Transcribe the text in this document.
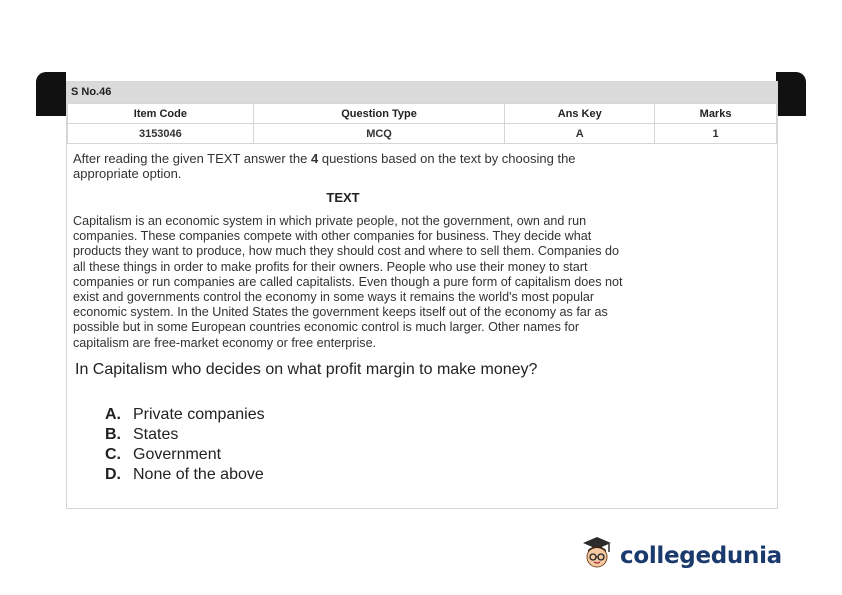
S No.46
Item Code	Question Type	Ans Key	Marks
3153046	MCQ	A	1
After reading the given TEXT answer the 4 questions based on the text by choosing the appropriate option.
TEXT
Capitalism is an economic system in which private people, not the government, own and run companies. These companies compete with other companies for business. They decide what products they want to produce, how much they should cost and where to sell them. Companies do all these things in order to make profits for their owners. People who use their money to start companies or run companies are called capitalists. Even though a pure form of capitalism does not exist and governments control the economy in some ways it remains the world's most popular economic system. In the United States the government keeps itself out of the economy as far as possible but in some European countries economic control is much larger. Other names for capitalism are free-market economy or free enterprise.
In Capitalism who decides on what profit margin to make money?
A. Private companies
B. States
C. Government
D. None of the above
collegedunia
